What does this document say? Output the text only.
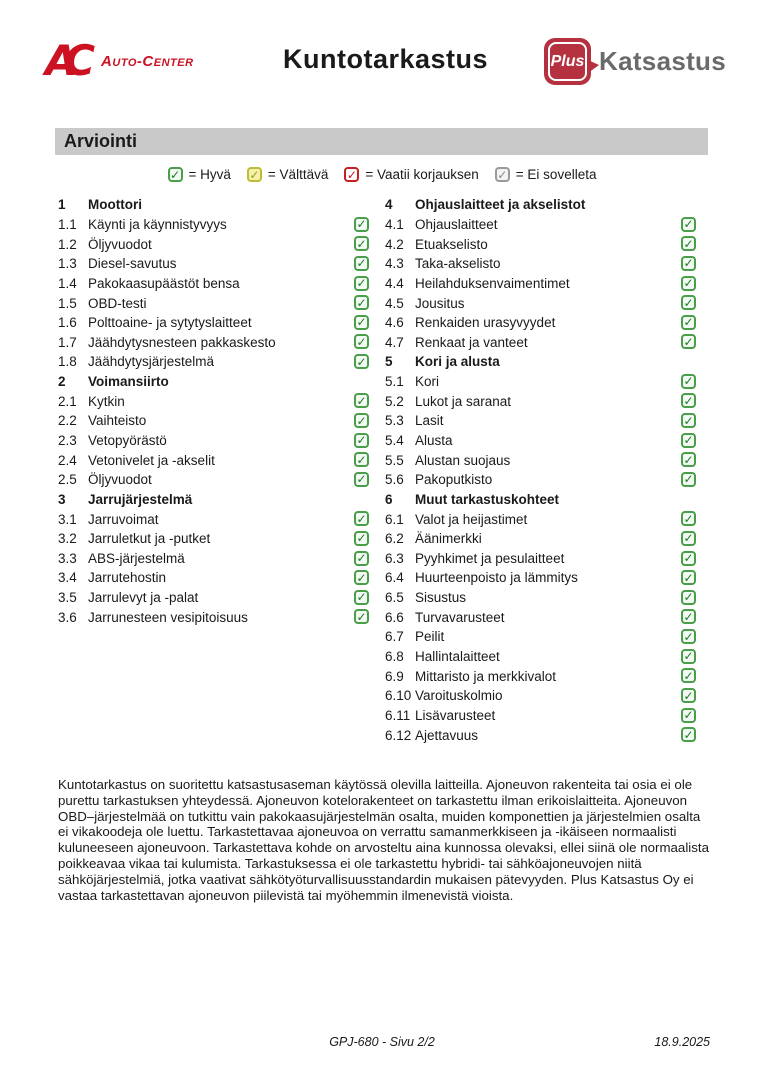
AC	Auto-Center	Kuntotarkastus	Plus Katsastus
Arviointi
✓ = Hyvä ✓ = Välttävä ✓ = Vaatii korjauksen ✓ = Ei sovelleta
1	Moottori
1.1 Käynti ja käynnistyvyys	✓
1.2 Öljyvuodot	✓
1.3 Diesel-savutus	✓
1.4 Pakokaasupäästöt bensa	✓
1.5 OBD-testi	✓
1.6 Polttoaine- ja sytytyslaitteet	✓
1.7 Jäähdytysnesteen pakkaskesto	✓
1.8 Jäähdytysjärjestelmä	✓
2	Voimansiirto
2.1 Kytkin	✓
2.2 Vaihteisto	✓
2.3 Vetopyörästö	✓
2.4 Vetonivelet ja -akselit	✓
2.5 Öljyvuodot	✓
3	Jarrujärjestelmä
3.1 Jarruvoimat	✓
3.2 Jarruletkut ja -putket	✓
3.3 ABS-järjestelmä	✓
3.4 Jarrutehostin	✓
3.5 Jarrulevyt ja -palat	✓
3.6 Jarrunesteen vesipitoisuus	✓
4	Ohjauslaitteet ja akselistot
4.1 Ohjauslaitteet	✓
4.2 Etuakselisto	✓
4.3 Taka-akselisto	✓
4.4 Heilahduksenvaimentimet	✓
4.5 Jousitus	✓
4.6 Renkaiden urasyvyydet	✓
4.7 Renkaat ja vanteet	✓
5	Kori ja alusta
5.1 Kori	✓
5.2 Lukot ja saranat	✓
5.3 Lasit	✓
5.4 Alusta	✓
5.5 Alustan suojaus	✓
5.6 Pakoputkisto	✓
6	Muut tarkastuskohteet
6.1 Valot ja heijastimet	✓
6.2 Äänimerkki	✓
6.3 Pyyhkimet ja pesulaitteet	✓
6.4 Huurteenpoisto ja lämmitys	✓
6.5 Sisustus	✓
6.6 Turvavarusteet	✓
6.7 Peilit	✓
6.8 Hallintalaitteet	✓
6.9 Mittaristo ja merkkivalot	✓
6.10 Varoituskolmio	✓
6.11 Lisävarusteet	✓
6.12 Ajettavuus	✓
Kuntotarkastus on suoritettu katsastusaseman käytössä olevilla laitteilla. Ajoneuvon rakenteita tai osia ei ole purettu tarkastuksen yhteydessä. Ajoneuvon kotelorakenteet on tarkastettu ilman erikoislaitteita. Ajoneuvon OBD–järjestelmää on tutkittu vain pakokaasujärjestelmän osalta, muiden komponettien ja järjestelmien osalta ei vikakoodeja ole luettu. Tarkastettavaa ajoneuvoa on verrattu samanmerkkiseen ja -ikäiseen normaalisti kuluneeseen ajoneuvoon. Tarkastettava kohde on arvosteltu aina kunnossa olevaksi, ellei siinä ole normaalista poikkeavaa vikaa tai kulumista. Tarkastuksessa ei ole tarkastettu hybridi- tai sähköajoneuvojen niitä sähköjärjestelmiä, jotka vaativat sähkötyöturvallisuusstandardin mukaisen pätevyyden. Plus Katsastus Oy ei vastaa tarkastettavan ajoneuvon piilevistä tai myöhemmin ilmenevistä vioista.
GPJ-680 - Sivu 2/2	18.9.2025
